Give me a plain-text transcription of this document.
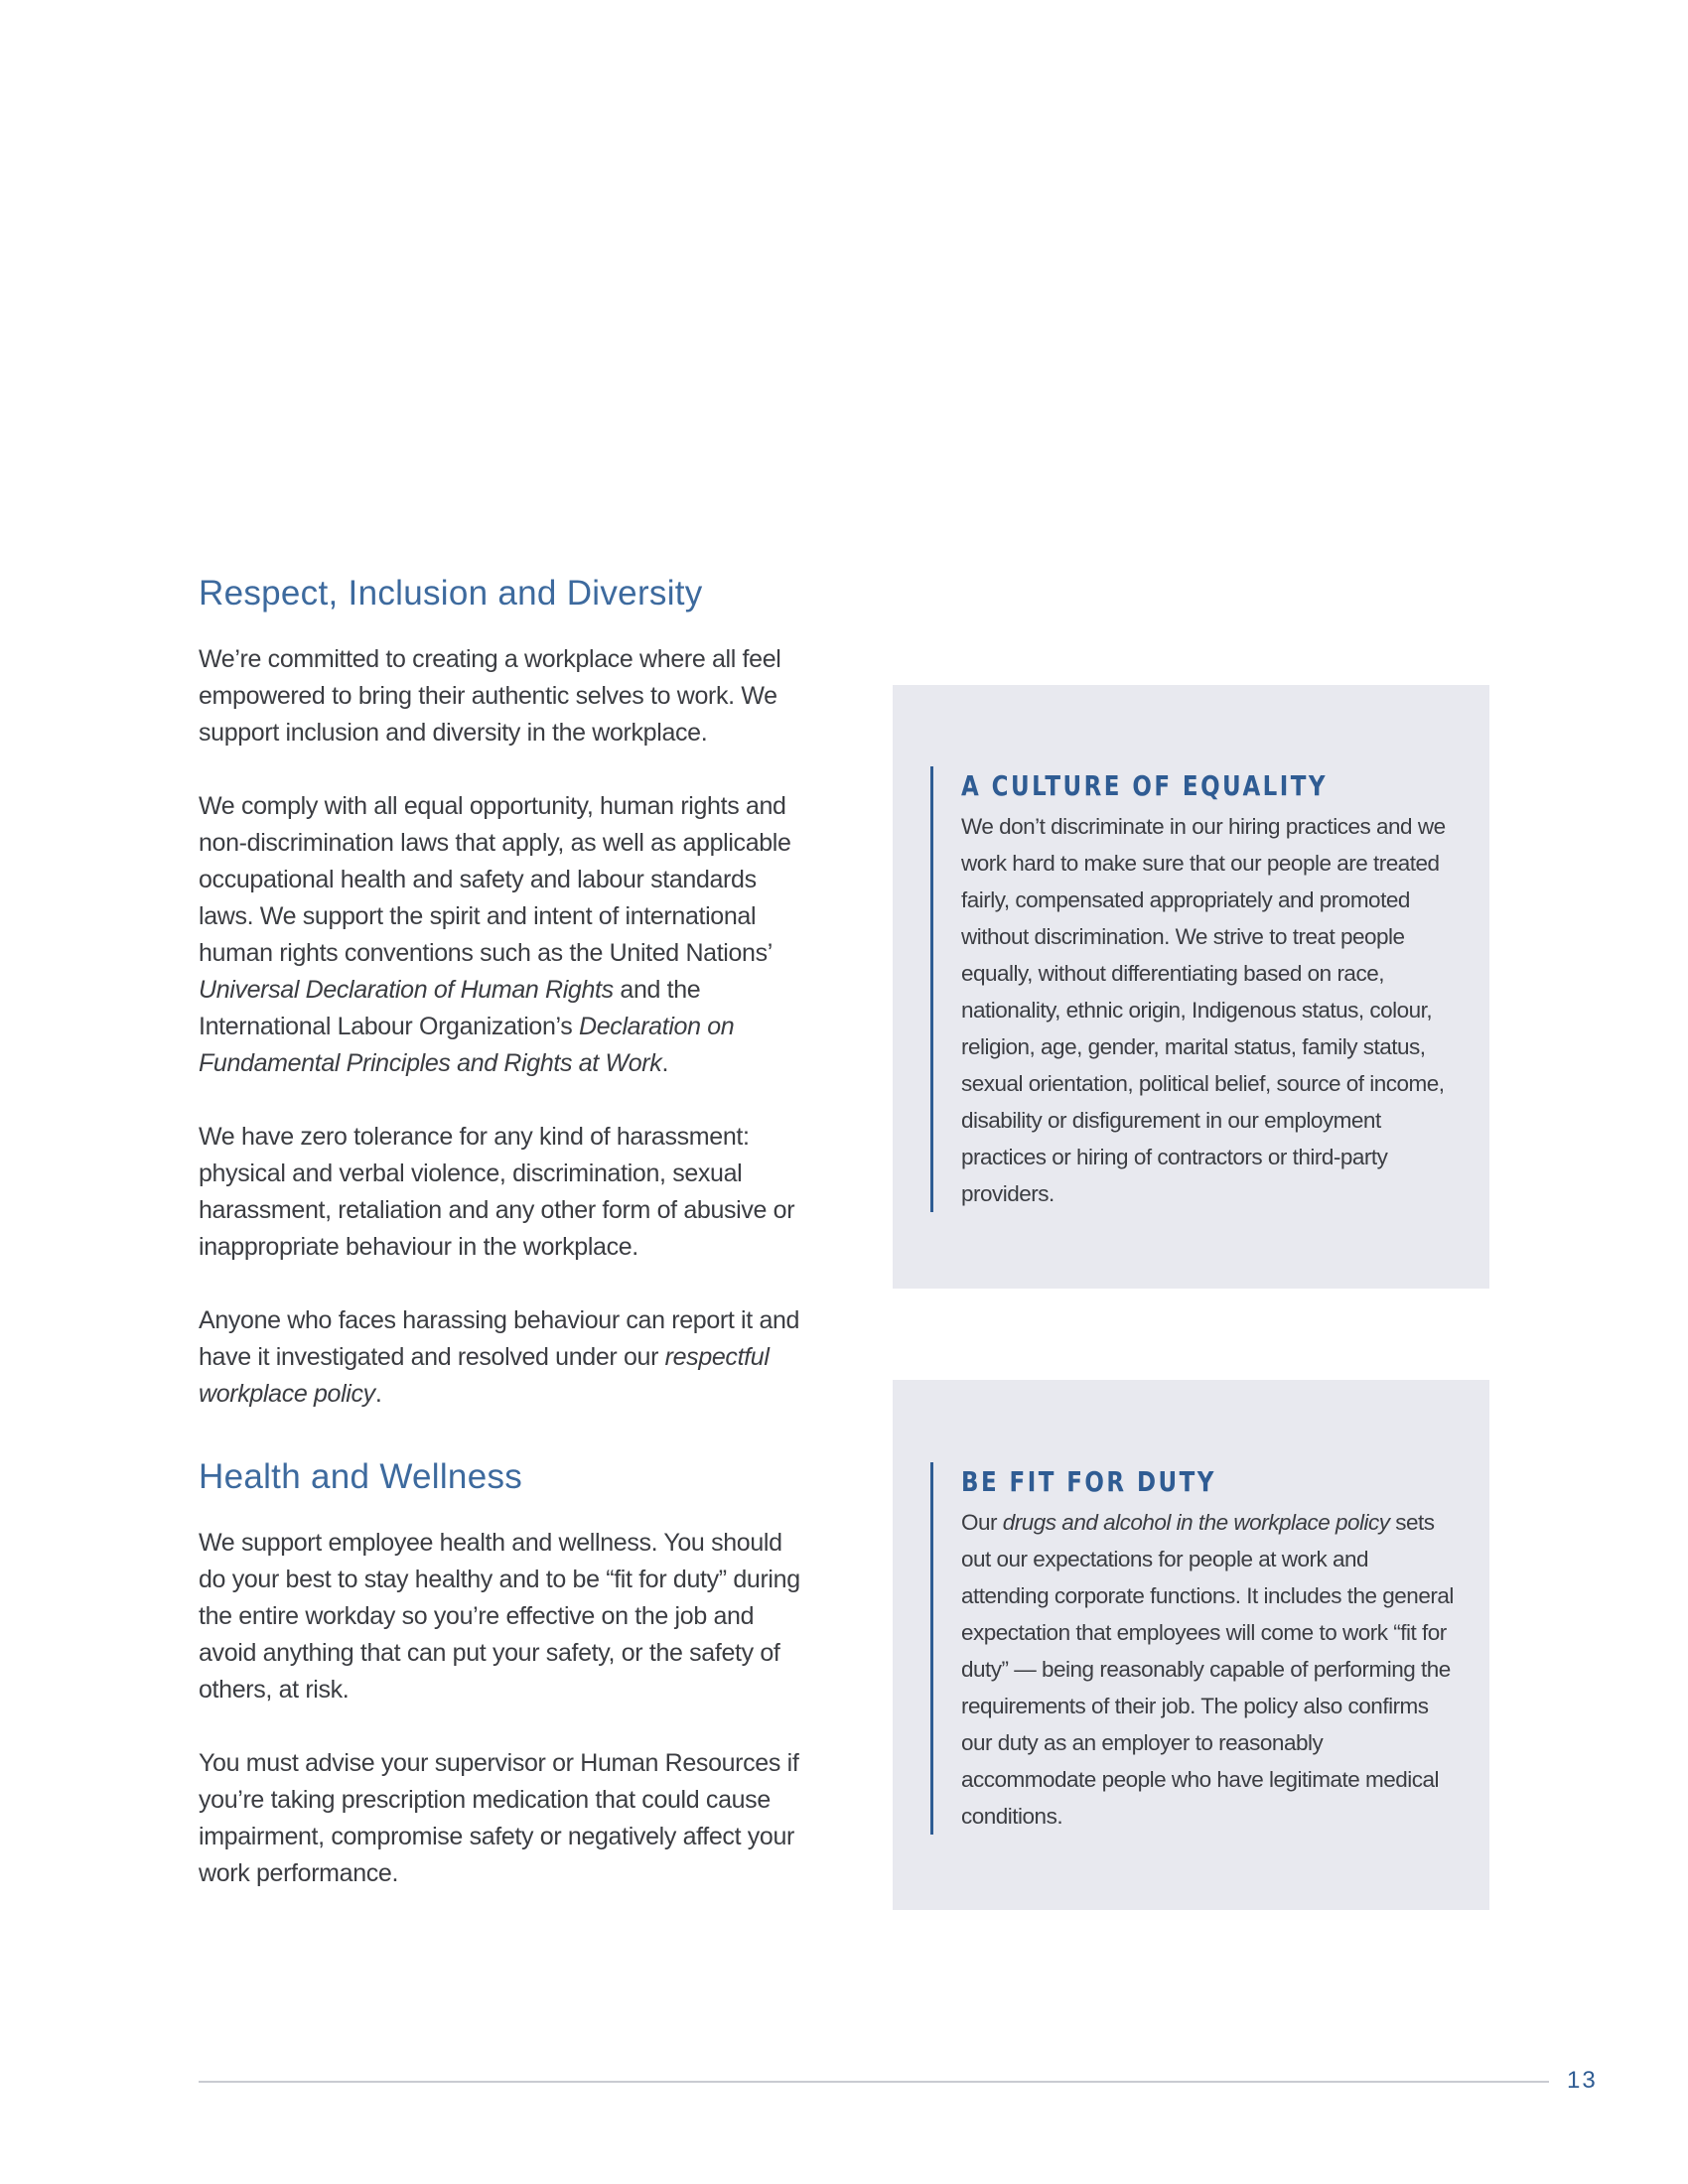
Respect, Inclusion and Diversity

We’re committed to creating a workplace where all feel empowered to bring their authentic selves to work. We support inclusion and diversity in the workplace.

We comply with all equal opportunity, human rights and non-discrimination laws that apply, as well as applicable occupational health and safety and labour standards laws. We support the spirit and intent of international human rights conventions such as the United Nations’ Universal Declaration of Human Rights and the International Labour Organization’s Declaration on Fundamental Principles and Rights at Work.

We have zero tolerance for any kind of harassment: physical and verbal violence, discrimination, sexual harassment, retaliation and any other form of abusive or inappropriate behaviour in the workplace.

Anyone who faces harassing behaviour can report it and have it investigated and resolved under our respectful workplace policy.

Health and Wellness

We support employee health and wellness. You should do your best to stay healthy and to be “fit for duty” during the entire workday so you’re effective on the job and avoid anything that can put your safety, or the safety of others, at risk.

You must advise your supervisor or Human Resources if you’re taking prescription medication that could cause impairment, compromise safety or negatively affect your work performance.

A CULTURE OF EQUALITY

We don’t discriminate in our hiring practices and we work hard to make sure that our people are treated fairly, compensated appropriately and promoted without discrimination. We strive to treat people equally, without differentiating based on race, nationality, ethnic origin, Indigenous status, colour, religion, age, gender, marital status, family status, sexual orientation, political belief, source of income, disability or disfigurement in our employment practices or hiring of contractors or third-party providers.

BE FIT FOR DUTY

Our drugs and alcohol in the workplace policy sets out our expectations for people at work and attending corporate functions. It includes the general expectation that employees will come to work “fit for duty” — being reasonably capable of performing the requirements of their job. The policy also confirms our duty as an employer to reasonably accommodate people who have legitimate medical conditions.

13
